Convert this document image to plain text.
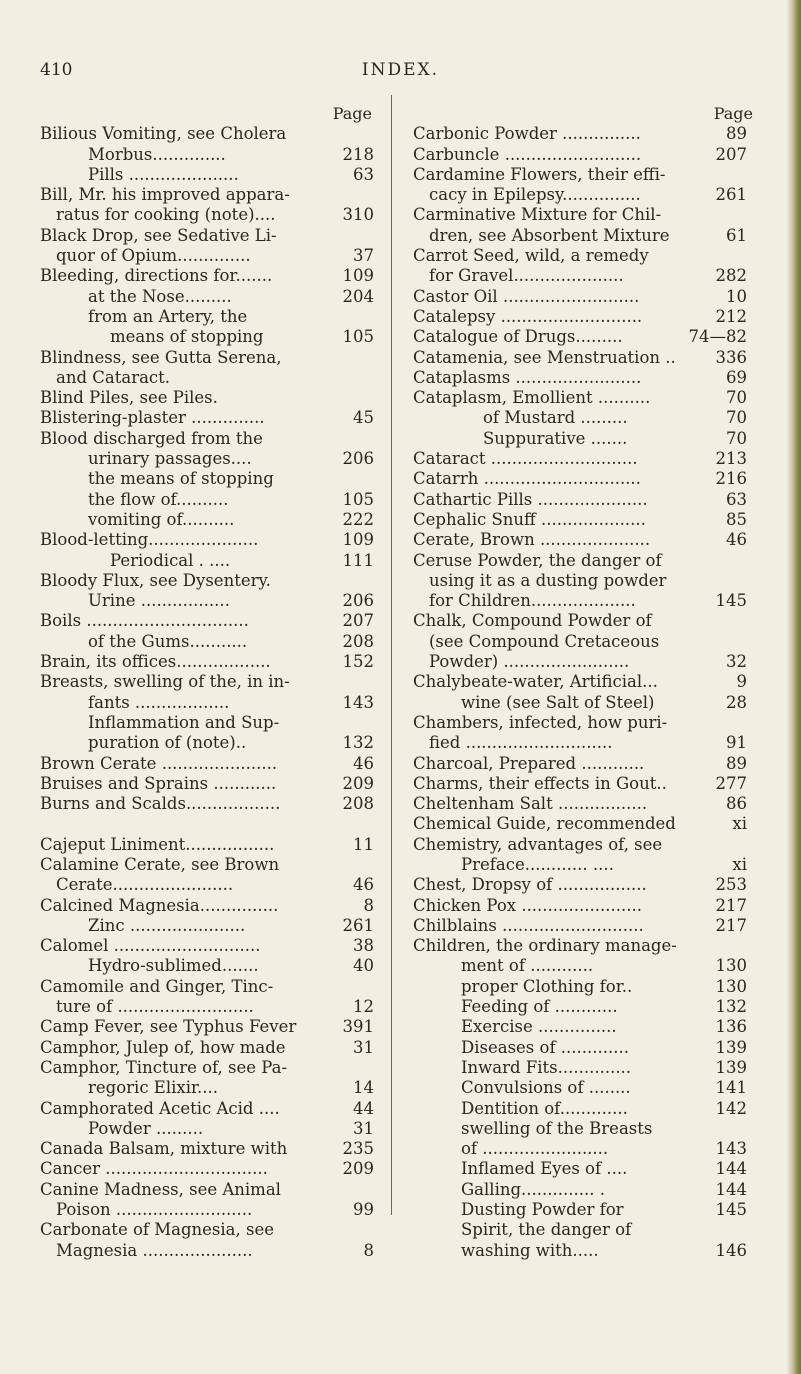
410	INDEX.
Page
Bilious Vomiting, see Cholera
Morbus..............	218
Pills .....................	63
Bill, Mr. his improved appara-
ratus for cooking (note)....	310
Black Drop, see Sedative Li-
quor of Opium..............	37
Bleeding, directions for.......	109
at the Nose.........	204
from an Artery, the
means of stopping	105
Blindness, see Gutta Serena,
and Cataract.
Blind Piles, see Piles.
Blistering-plaster ..............	45
Blood discharged from the
urinary passages....	206
the means of stopping
the flow of..........	105
vomiting of..........	222
Blood-letting.....................	109
Periodical . ....	111
Bloody Flux, see Dysentery.
Urine .................	206
Boils ...............................	207
of the Gums...........	208
Brain, its offices..................	152
Breasts, swelling of the, in in-
fants ..................	143
Inflammation and Sup-
puration of (note)..	132
Brown Cerate ......................	46
Bruises and Sprains ............	209
Burns and Scalds..................	208
Cajeput Liniment.................	11
Calamine Cerate, see Brown
Cerate.......................	46
Calcined Magnesia...............	8
Zinc ......................	261
Calomel ............................	38
Hydro-sublimed.......	40
Camomile and Ginger, Tinc-
ture of ..........................	12
Camp Fever, see Typhus Fever	391
Camphor, Julep of, how made	31
Camphor, Tincture of, see Pa-
regoric Elixir....	14
Camphorated Acetic Acid ....	44
Powder .........	31
Canada Balsam, mixture with	235
Cancer ...............................	209
Canine Madness, see Animal
Poison ..........................	99
Carbonate of Magnesia, see
Magnesia .....................	8
Page
Carbonic Powder ...............	89
Carbuncle ..........................	207
Cardamine Flowers, their effi-
cacy in Epilepsy...............	261
Carminative Mixture for Chil-
dren, see Absorbent Mixture	61
Carrot Seed, wild, a remedy
for Gravel.....................	282
Castor Oil ..........................	10
Catalepsy ...........................	212
Catalogue of Drugs.........	74—82
Catamenia, see Menstruation .. 336
Cataplasms ........................	69
Cataplasm, Emollient ..........	70
of Mustard .........	70
Suppurative .......	70
Cataract ............................	213
Catarrh ..............................	216
Cathartic Pills .....................	63
Cephalic Snuff ....................	85
Cerate, Brown .....................	46
Ceruse Powder, the danger of
using it as a dusting powder
for Children....................	145
Chalk, Compound Powder of
(see Compound Cretaceous
Powder) ........................	32
Chalybeate-water, Artificial...	9
wine (see Salt of Steel)	28
Chambers, infected, how puri-
fied ............................	91
Charcoal, Prepared ............	89
Charms, their effects in Gout..	277
Cheltenham Salt .................	86
Chemical Guide, recommended	xi
Chemistry, advantages of, see
Preface............ ....	xi
Chest, Dropsy of .................	253
Chicken Pox .......................	217
Chilblains ...........................	217
Children, the ordinary manage-
ment of ............	130
proper Clothing for..	130
Feeding of ............	132
Exercise ...............	136
Diseases of .............	139
Inward Fits..............	139
Convulsions of ........	141
Dentition of.............	142
swelling of the Breasts
of ........................	143
Inflamed Eyes of ....	144
Galling.............. .	144
Dusting Powder for	145
Spirit, the danger of
washing with.....	146
